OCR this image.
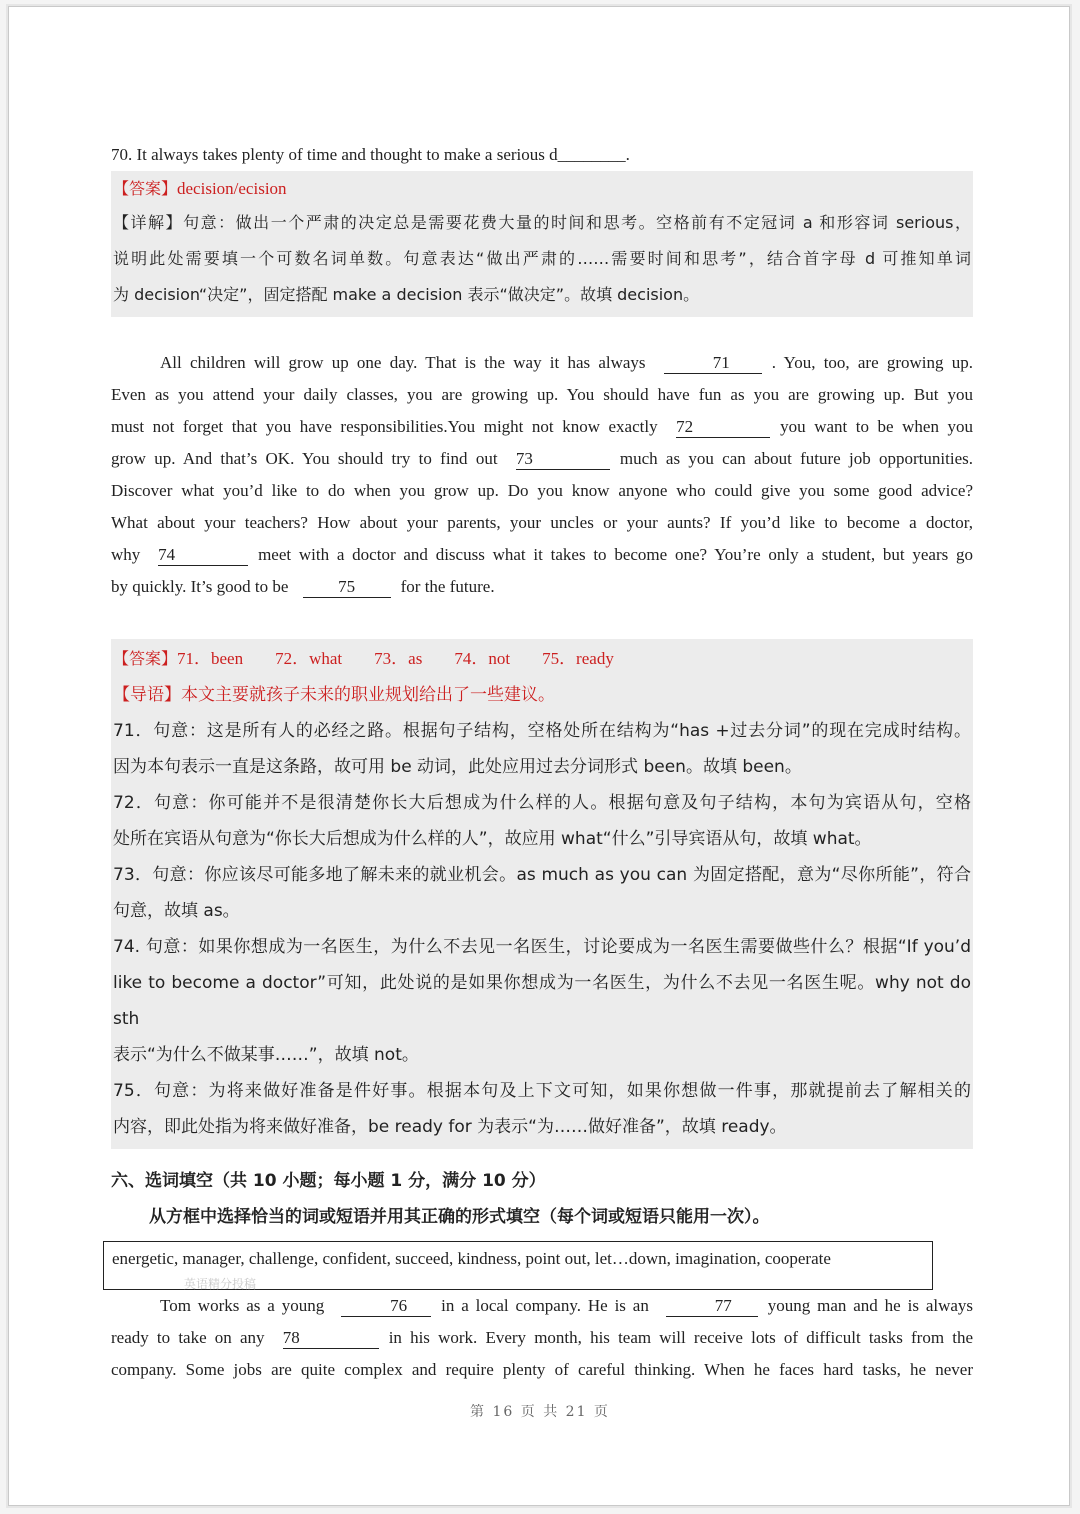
70. It always takes plenty of time and thought to make a serious d________.
【答案】decision/ecision
【详解】句意：做出一个严肃的决定总是需要花费大量的时间和思考。空格前有不定冠词 a 和形容词 serious，
说明此处需要填一个可数名词单数。句意表达“做出严肃的……需要时间和思考”，结合首字母 d 可推知单词
为 decision“决定”，固定搭配 make a decision 表示“做决定”。故填 decision。
All children will grow up one day. That is the way it has always	71 . You, too, are growing up.
Even as you attend your daily classes, you are growing up. You should have fun as you are growing up. But you
must not forget that you have responsibilities.You might not know exactly 72	you want to be when you
grow up. And that’s OK. You should try to find out 73	much as you can about future job opportunities.
Discover what you’d like to do when you grow up. Do you know anyone who could give you some good advice?
What about your teachers? How about your parents, your uncles or your aunts? If you’d like to become a doctor,
why 74	meet with a doctor and discuss what it takes to become one? You’re only a student, but years go
by quickly. It’s good to be	75	for the future.
【答案】71．been 72．what 73．as 74．not 75．ready
【导语】本文主要就孩子未来的职业规划给出了一些建议。
71．句意：这是所有人的必经之路。根据句子结构，空格处所在结构为“has +过去分词”的现在完成时结构。
因为本句表示一直是这条路，故可用 be 动词，此处应用过去分词形式 been。故填 been。
72．句意：你可能并不是很清楚你长大后想成为什么样的人。根据句意及句子结构，本句为宾语从句，空格
处所在宾语从句意为“你长大后想成为什么样的人”，故应用 what“什么”引导宾语从句，故填 what。
73．句意：你应该尽可能多地了解未来的就业机会。as much as you can 为固定搭配，意为“尽你所能”，符合
句意，故填 as。
74. 句意：如果你想成为一名医生，为什么不去见一名医生，讨论要成为一名医生需要做些什么？根据“If you’d
like to become a doctor”可知，此处说的是如果你想成为一名医生，为什么不去见一名医生呢。why not do sth
表示“为什么不做某事……”，故填 not。
75．句意：为将来做好准备是件好事。根据本句及上下文可知，如果你想做一件事，那就提前去了解相关的
内容，即此处指为将来做好准备，be ready for 为表示“为……做好准备”，故填 ready。
六、选词填空（共 10 小题；每小题 1 分，满分 10 分）
从方框中选择恰当的词或短语并用其正确的形式填空（每个词或短语只能用一次）。
energetic, manager, challenge, confident, succeed, kindness, point out, let…down, imagination, cooperate
英语精分投稿
Tom works as a young	76 in a local company. He is an	77 young man and he is always
ready to take on any 78	in his work. Every month, his team will receive lots of difficult tasks from the
company. Some jobs are quite complex and require plenty of careful thinking. When he faces hard tasks, he never
第 16 页 共 21 页
